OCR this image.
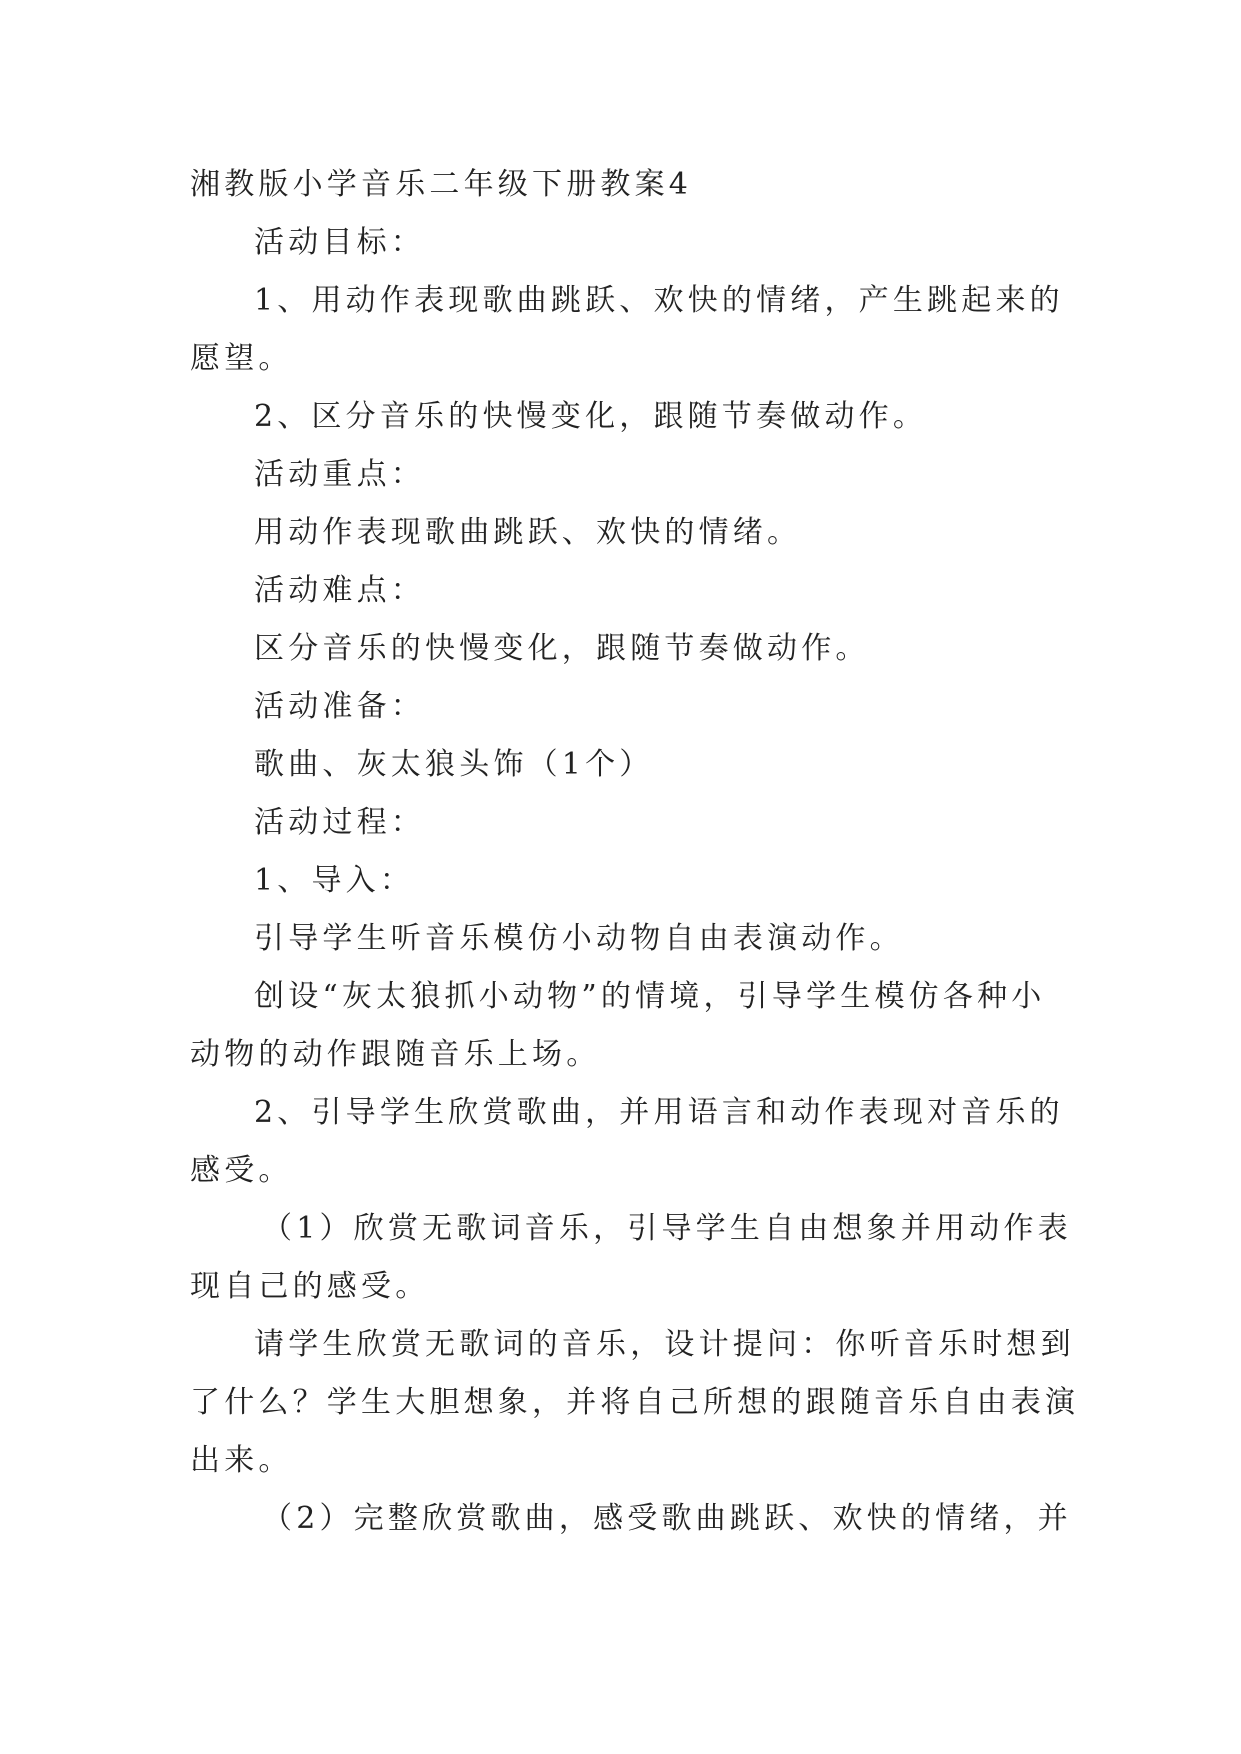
湘教版小学音乐二年级下册教案4
活动目标：
1、用动作表现歌曲跳跃、欢快的情绪，产生跳起来的
愿望。
2、区分音乐的快慢变化，跟随节奏做动作。
活动重点：
用动作表现歌曲跳跃、欢快的情绪。
活动难点：
区分音乐的快慢变化，跟随节奏做动作。
活动准备：
歌曲、灰太狼头饰（1个）
活动过程：
1、导入：
引导学生听音乐模仿小动物自由表演动作。
创设“灰太狼抓小动物”的情境，引导学生模仿各种小
动物的动作跟随音乐上场。
2、引导学生欣赏歌曲，并用语言和动作表现对音乐的
感受。
（1）欣赏无歌词音乐，引导学生自由想象并用动作表
现自己的感受。
请学生欣赏无歌词的音乐，设计提问：你听音乐时想到
了什么？学生大胆想象，并将自己所想的跟随音乐自由表演
出来。
（2）完整欣赏歌曲，感受歌曲跳跃、欢快的情绪，并
